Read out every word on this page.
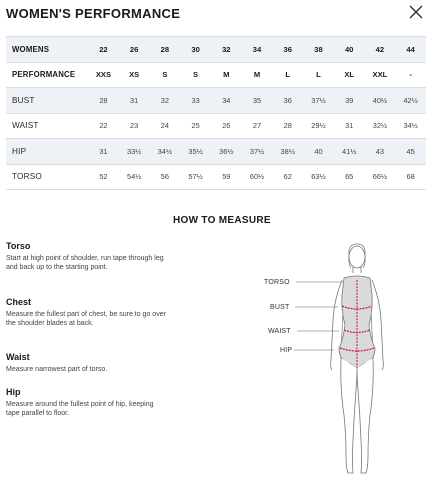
WOMEN'S PERFORMANCE
WOMENS	22	26	28	30	32	34	36	38	40	42	44
PERFORMANCE	XXS	XS	S	S	M	M	L	L	XL	XXL	-
BUST	28	31	32	33	34	35	36	37½	39	40½	42½
WAIST	22	23	24	25	26	27	28	29½	31	32½	34½
HIP	31	33½	34½	35½	36½	37½	38½	40	41½	43	45
TORSO	52	54½	56	57½	59	60½	62	63½	65	66½	68
HOW TO MEASURE
Torso

Start at high point of shoulder, run tape through leg and back up to the starting point.

Chest

Measure the fullest part of chest, be sure to go over the shoulder blades at back.

Waist

Measure narrowest part of torso.

Hip

Measure around the fullest point of hip, keeping tape parallel to floor.

TORSO
BUST
WAIST
HIP
